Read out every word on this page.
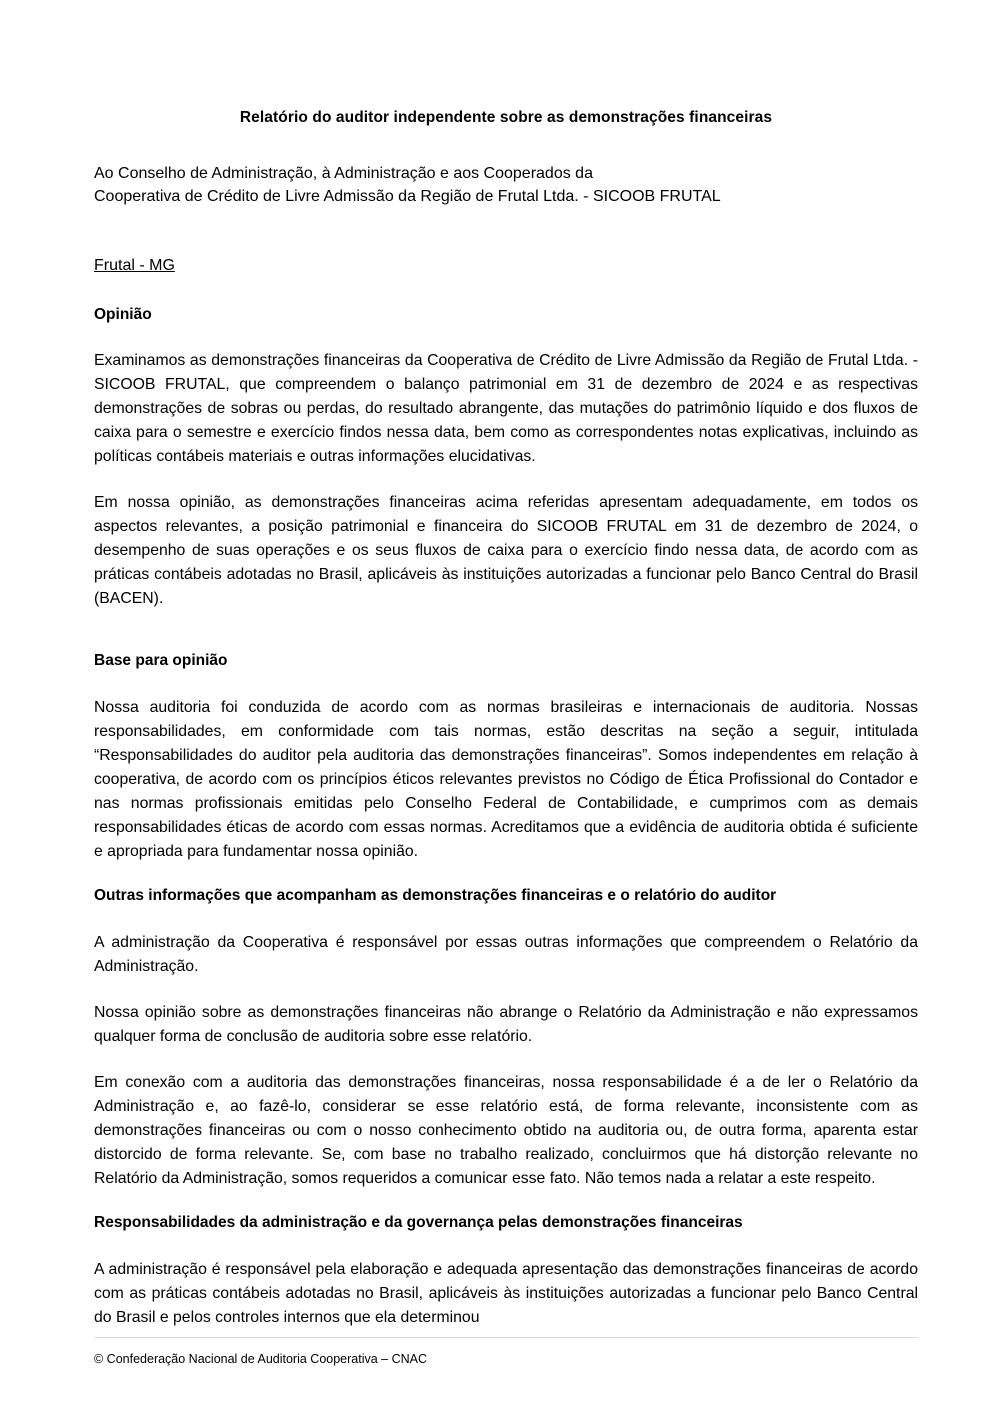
Relatório do auditor independente sobre as demonstrações financeiras
Ao Conselho de Administração, à Administração e aos Cooperados da
Cooperativa de Crédito de Livre Admissão da Região de Frutal Ltda. - SICOOB FRUTAL
Frutal - MG
Opinião

Examinamos as demonstrações financeiras da Cooperativa de Crédito de Livre Admissão da Região de Frutal Ltda. - SICOOB FRUTAL, que compreendem o balanço patrimonial em 31 de dezembro de 2024 e as respectivas demonstrações de sobras ou perdas, do resultado abrangente, das mutações do patrimônio líquido e dos fluxos de caixa para o semestre e exercício findos nessa data, bem como as correspondentes notas explicativas, incluindo as políticas contábeis materiais e outras informações elucidativas.

Em nossa opinião, as demonstrações financeiras acima referidas apresentam adequadamente, em todos os aspectos relevantes, a posição patrimonial e financeira do SICOOB FRUTAL em 31 de dezembro de 2024, o desempenho de suas operações e os seus fluxos de caixa para o exercício findo nessa data, de acordo com as práticas contábeis adotadas no Brasil, aplicáveis às instituições autorizadas a funcionar pelo Banco Central do Brasil (BACEN).

Base para opinião

Nossa auditoria foi conduzida de acordo com as normas brasileiras e internacionais de auditoria. Nossas responsabilidades, em conformidade com tais normas, estão descritas na seção a seguir, intitulada “Responsabilidades do auditor pela auditoria das demonstrações financeiras”. Somos independentes em relação à cooperativa, de acordo com os princípios éticos relevantes previstos no Código de Ética Profissional do Contador e nas normas profissionais emitidas pelo Conselho Federal de Contabilidade, e cumprimos com as demais responsabilidades éticas de acordo com essas normas. Acreditamos que a evidência de auditoria obtida é suficiente e apropriada para fundamentar nossa opinião.

Outras informações que acompanham as demonstrações financeiras e o relatório do auditor

A administração da Cooperativa é responsável por essas outras informações que compreendem o Relatório da Administração.

Nossa opinião sobre as demonstrações financeiras não abrange o Relatório da Administração e não expressamos qualquer forma de conclusão de auditoria sobre esse relatório.

Em conexão com a auditoria das demonstrações financeiras, nossa responsabilidade é a de ler o Relatório da Administração e, ao fazê-lo, considerar se esse relatório está, de forma relevante, inconsistente com as demonstrações financeiras ou com o nosso conhecimento obtido na auditoria ou, de outra forma, aparenta estar distorcido de forma relevante. Se, com base no trabalho realizado, concluirmos que há distorção relevante no Relatório da Administração, somos requeridos a comunicar esse fato. Não temos nada a relatar a este respeito.

Responsabilidades da administração e da governança pelas demonstrações financeiras

A administração é responsável pela elaboração e adequada apresentação das demonstrações financeiras de acordo com as práticas contábeis adotadas no Brasil, aplicáveis às instituições autorizadas a funcionar pelo Banco Central do Brasil e pelos controles internos que ela determinou

© Confederação Nacional de Auditoria Cooperativa – CNAC
